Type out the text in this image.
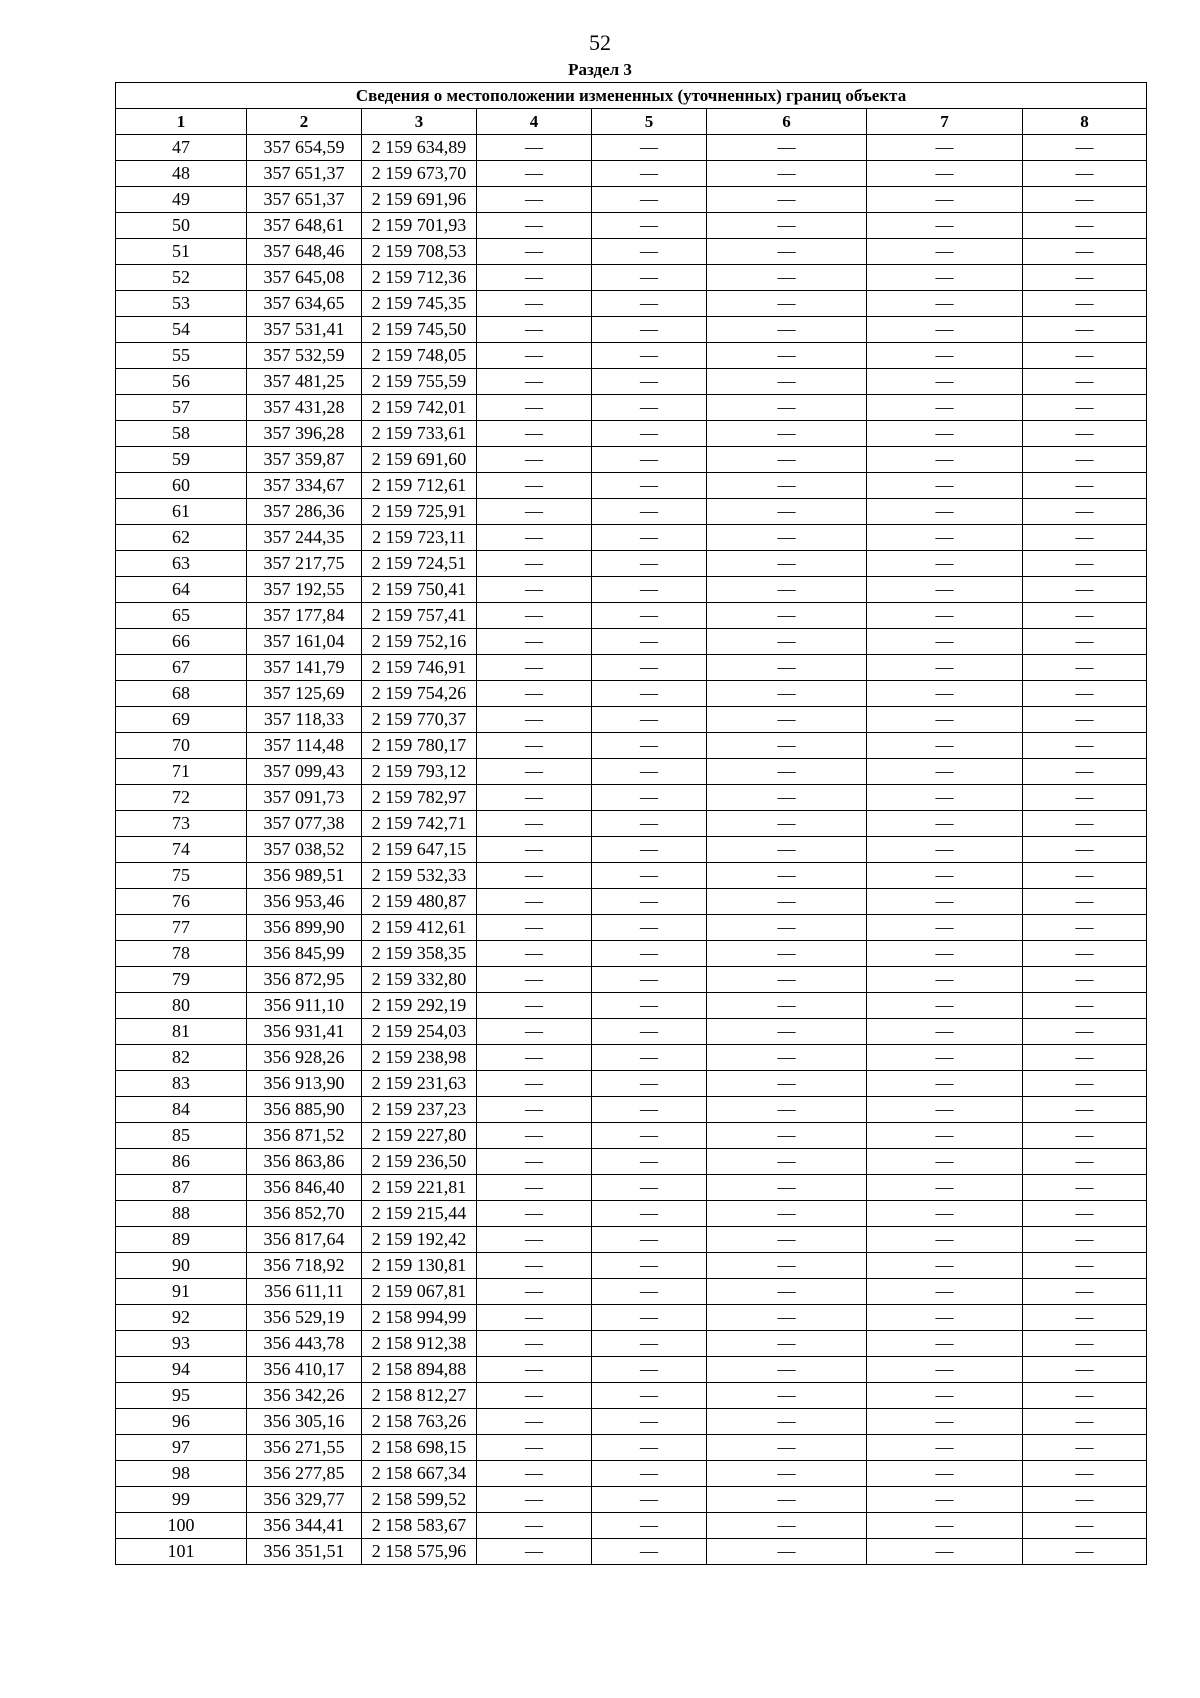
52
Раздел 3
Сведения о местоположении измененных (уточненных) границ объекта							
1	2	3	4	5	6	7	8
47	357 654,59	2 159 634,89	—	—	—	—	—
48	357 651,37	2 159 673,70	—	—	—	—	—
49	357 651,37	2 159 691,96	—	—	—	—	—
50	357 648,61	2 159 701,93	—	—	—	—	—
51	357 648,46	2 159 708,53	—	—	—	—	—
52	357 645,08	2 159 712,36	—	—	—	—	—
53	357 634,65	2 159 745,35	—	—	—	—	—
54	357 531,41	2 159 745,50	—	—	—	—	—
55	357 532,59	2 159 748,05	—	—	—	—	—
56	357 481,25	2 159 755,59	—	—	—	—	—
57	357 431,28	2 159 742,01	—	—	—	—	—
58	357 396,28	2 159 733,61	—	—	—	—	—
59	357 359,87	2 159 691,60	—	—	—	—	—
60	357 334,67	2 159 712,61	—	—	—	—	—
61	357 286,36	2 159 725,91	—	—	—	—	—
62	357 244,35	2 159 723,11	—	—	—	—	—
63	357 217,75	2 159 724,51	—	—	—	—	—
64	357 192,55	2 159 750,41	—	—	—	—	—
65	357 177,84	2 159 757,41	—	—	—	—	—
66	357 161,04	2 159 752,16	—	—	—	—	—
67	357 141,79	2 159 746,91	—	—	—	—	—
68	357 125,69	2 159 754,26	—	—	—	—	—
69	357 118,33	2 159 770,37	—	—	—	—	—
70	357 114,48	2 159 780,17	—	—	—	—	—
71	357 099,43	2 159 793,12	—	—	—	—	—
72	357 091,73	2 159 782,97	—	—	—	—	—
73	357 077,38	2 159 742,71	—	—	—	—	—
74	357 038,52	2 159 647,15	—	—	—	—	—
75	356 989,51	2 159 532,33	—	—	—	—	—
76	356 953,46	2 159 480,87	—	—	—	—	—
77	356 899,90	2 159 412,61	—	—	—	—	—
78	356 845,99	2 159 358,35	—	—	—	—	—
79	356 872,95	2 159 332,80	—	—	—	—	—
80	356 911,10	2 159 292,19	—	—	—	—	—
81	356 931,41	2 159 254,03	—	—	—	—	—
82	356 928,26	2 159 238,98	—	—	—	—	—
83	356 913,90	2 159 231,63	—	—	—	—	—
84	356 885,90	2 159 237,23	—	—	—	—	—
85	356 871,52	2 159 227,80	—	—	—	—	—
86	356 863,86	2 159 236,50	—	—	—	—	—
87	356 846,40	2 159 221,81	—	—	—	—	—
88	356 852,70	2 159 215,44	—	—	—	—	—
89	356 817,64	2 159 192,42	—	—	—	—	—
90	356 718,92	2 159 130,81	—	—	—	—	—
91	356 611,11	2 159 067,81	—	—	—	—	—
92	356 529,19	2 158 994,99	—	—	—	—	—
93	356 443,78	2 158 912,38	—	—	—	—	—
94	356 410,17	2 158 894,88	—	—	—	—	—
95	356 342,26	2 158 812,27	—	—	—	—	—
96	356 305,16	2 158 763,26	—	—	—	—	—
97	356 271,55	2 158 698,15	—	—	—	—	—
98	356 277,85	2 158 667,34	—	—	—	—	—
99	356 329,77	2 158 599,52	—	—	—	—	—
100	356 344,41	2 158 583,67	—	—	—	—	—
101	356 351,51	2 158 575,96	—	—	—	—	—
